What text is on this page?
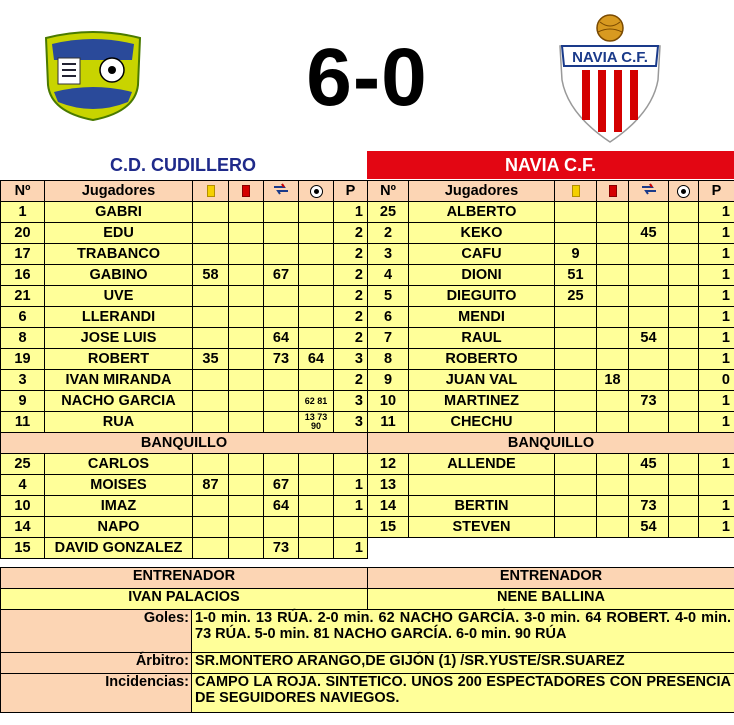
6-0	NAVIA C.F.
C.D. CUDILLERO	NAVIA C.F.
Nº	Jugadores					P
1	GABRI					1
20	EDU					2
17	TRABANCO					2
16	GABINO	58		67		2
21	UVE					2
6	LLERANDI					2
8	JOSE LUIS			64		2
19	ROBERT	35		73	64	3
3	IVAN MIRANDA					2
9	NACHO GARCIA				62 81	3
11	RUA				13 73 90	3
BANQUILLO						
25	CARLOS					
4	MOISES	87		67		1
10	IMAZ			64		1
14	NAPO					
15	DAVID GONZALEZ			73		1
Nº	Jugadores					P
25	ALBERTO					1
2	KEKO			45		1
3	CAFU	9				1
4	DIONI	51				1
5	DIEGUITO	25				1
6	MENDI					1
7	RAUL			54		1
8	ROBERTO					1
9	JUAN VAL		18			0
10	MARTINEZ			73		1
11	CHECHU					1
BANQUILLO						
12	ALLENDE			45		1
13						
14	BERTIN			73		1
15	STEVEN			54		1
ENTRENADOR		ENTRENADOR
IVAN PALACIOS		NENE BALLINA
Goles:	1-0 min. 13 RÚA. 2-0 min. 62 NACHO GARCÍA. 3-0 min. 64 ROBERT. 4-0 min. 73 RÚA. 5-0 min. 81 NACHO GARCÍA. 6-0 min. 90 RÚA	
Árbitro:	SR.MONTERO ARANGO,DE GIJÓN (1) /SR.YUSTE/SR.SUAREZ	
Incidencias:	CAMPO LA ROJA. SINTETICO. UNOS 200 ESPECTADORES CON PRESENCIA DE SEGUIDORES NAVIEGOS.	
